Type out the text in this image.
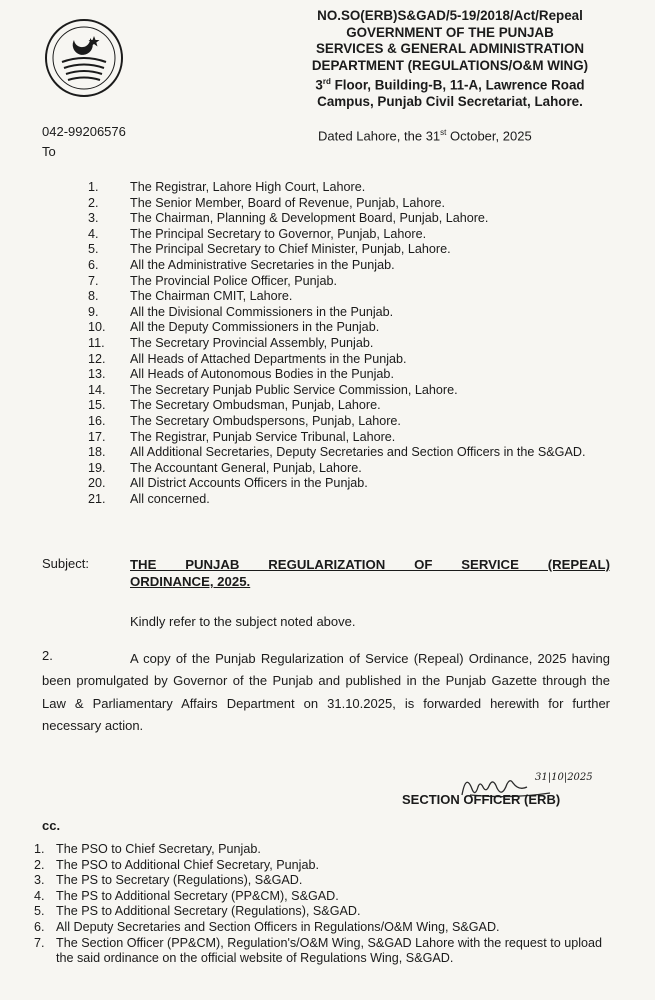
NO.SO(ERB)S&GAD/5-19/2018/Act/Repeal
GOVERNMENT OF THE PUNJAB
SERVICES & GENERAL ADMINISTRATION
DEPARTMENT (REGULATIONS/O&M WING)
3rd Floor, Building-B, 11-A, Lawrence Road
Campus, Punjab Civil Secretariat, Lahore.
042-99206576
To
Dated Lahore, the 31st October, 2025
1.	The Registrar, Lahore High Court, Lahore.
2.	The Senior Member, Board of Revenue, Punjab, Lahore.
3.	The Chairman, Planning & Development Board, Punjab, Lahore.
4.	The Principal Secretary to Governor, Punjab, Lahore.
5.	The Principal Secretary to Chief Minister, Punjab, Lahore.
6.	All the Administrative Secretaries in the Punjab.
7.	The Provincial Police Officer, Punjab.
8.	The Chairman CMIT, Lahore.
9.	All the Divisional Commissioners in the Punjab.
10.	All the Deputy Commissioners in the Punjab.
11.	The Secretary Provincial Assembly, Punjab.
12.	All Heads of Attached Departments in the Punjab.
13.	All Heads of Autonomous Bodies in the Punjab.
14.	The Secretary Punjab Public Service Commission, Lahore.
15.	The Secretary Ombudsman, Punjab, Lahore.
16.	The Secretary Ombudspersons, Punjab, Lahore.
17.	The Registrar, Punjab Service Tribunal, Lahore.
18.	All Additional Secretaries, Deputy Secretaries and Section Officers in the S&GAD.
19.	The Accountant General, Punjab, Lahore.
20.	All District Accounts Officers in the Punjab.
21.	All concerned.
Subject:	THE PUNJAB REGULARIZATION OF SERVICE (REPEAL)
ORDINANCE, 2025.
Kindly refer to the subject noted above.
2.	A copy of the Punjab Regularization of Service (Repeal) Ordinance, 2025 having been promulgated by Governor of the Punjab and published in the Punjab Gazette through the Law & Parliamentary Affairs Department on 31.10.2025, is forwarded herewith for further necessary action.
31|10|2025
SECTION OFFICER (ERB)
cc.
1. The PSO to Chief Secretary, Punjab.
2. The PSO to Additional Chief Secretary, Punjab.
3. The PS to Secretary (Regulations), S&GAD.
4. The PS to Additional Secretary (PP&CM), S&GAD.
5. The PS to Additional Secretary (Regulations), S&GAD.
6. All Deputy Secretaries and Section Officers in Regulations/O&M Wing, S&GAD.
7. The Section Officer (PP&CM), Regulation's/O&M Wing, S&GAD Lahore with the request to upload the said ordinance on the official website of Regulations Wing, S&GAD.
